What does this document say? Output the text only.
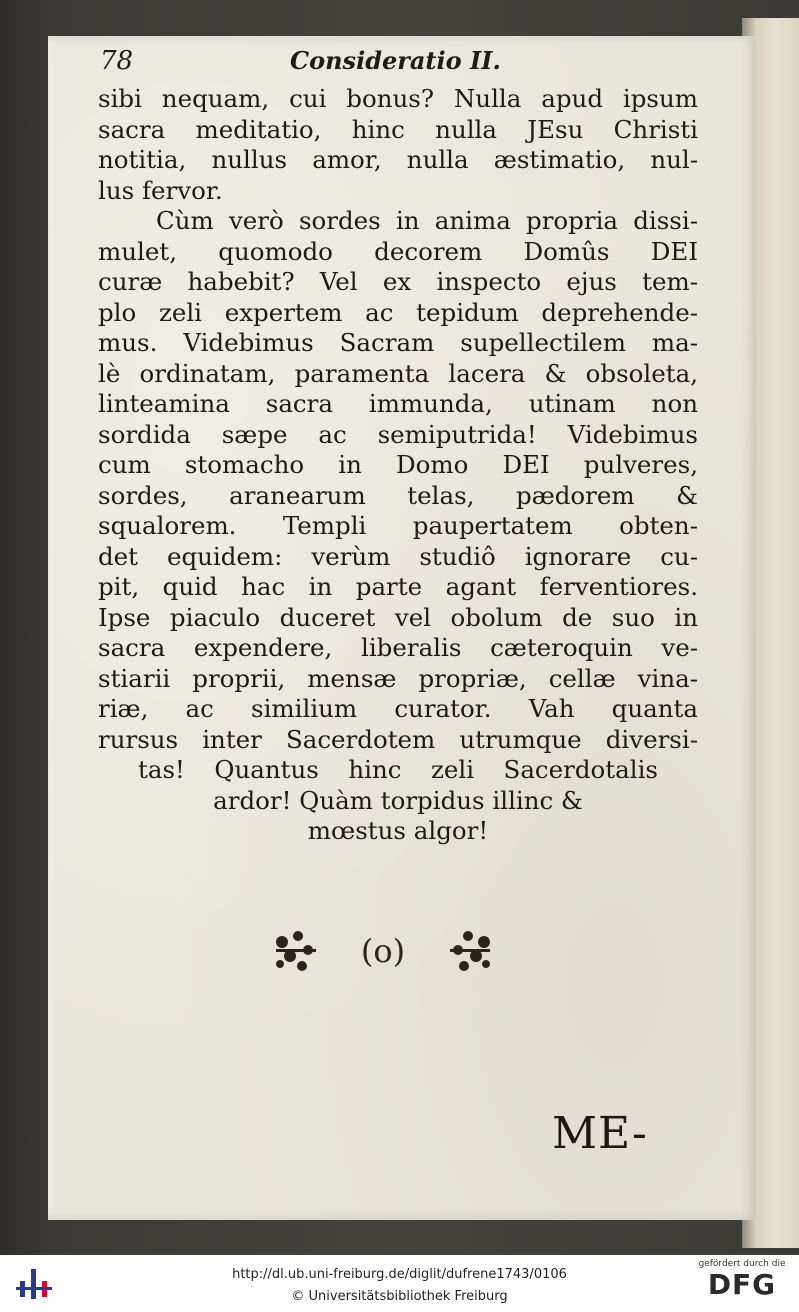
78	Consideratio II.
sibi nequam, cui bonus? Nulla apud ipsum
sacra meditatio, hinc nulla JEsu Christi
notitia, nullus amor, nulla æstimatio, nul-
lus fervor.
Cùm verò sordes in anima propria dissi-
mulet, quomodo decorem Domûs DEI
curæ habebit? Vel ex inspecto ejus tem-
plo zeli expertem ac tepidum deprehende-
mus. Videbimus Sacram supellectilem ma-
lè ordinatam, paramenta lacera & obsoleta,
linteamina sacra immunda, utinam non
sordida sæpe ac semiputrida! Videbimus
cum stomacho in Domo DEI pulveres,
sordes, aranearum telas, pædorem &
squalorem. Templi paupertatem obten-
det equidem: verùm studiô ignorare cu-
pit, quid hac in parte agant ferventiores.
Ipse piaculo duceret vel obolum de suo in
sacra expendere, liberalis cæteroquin ve-
stiarii proprii, mensæ propriæ, cellæ vina-
riæ, ac similium curator. Vah quanta
rursus inter Sacerdotem utrumque diversi-
tas! Quantus hinc zeli Sacerdotalis
ardor! Quàm torpidus illinc &
mœstus algor!
(o)
ME-
http://dl.ub.uni-freiburg.de/diglit/dufrene1743/0106
© Universitätsbibliothek Freiburg
gefördert durch die
DFG
